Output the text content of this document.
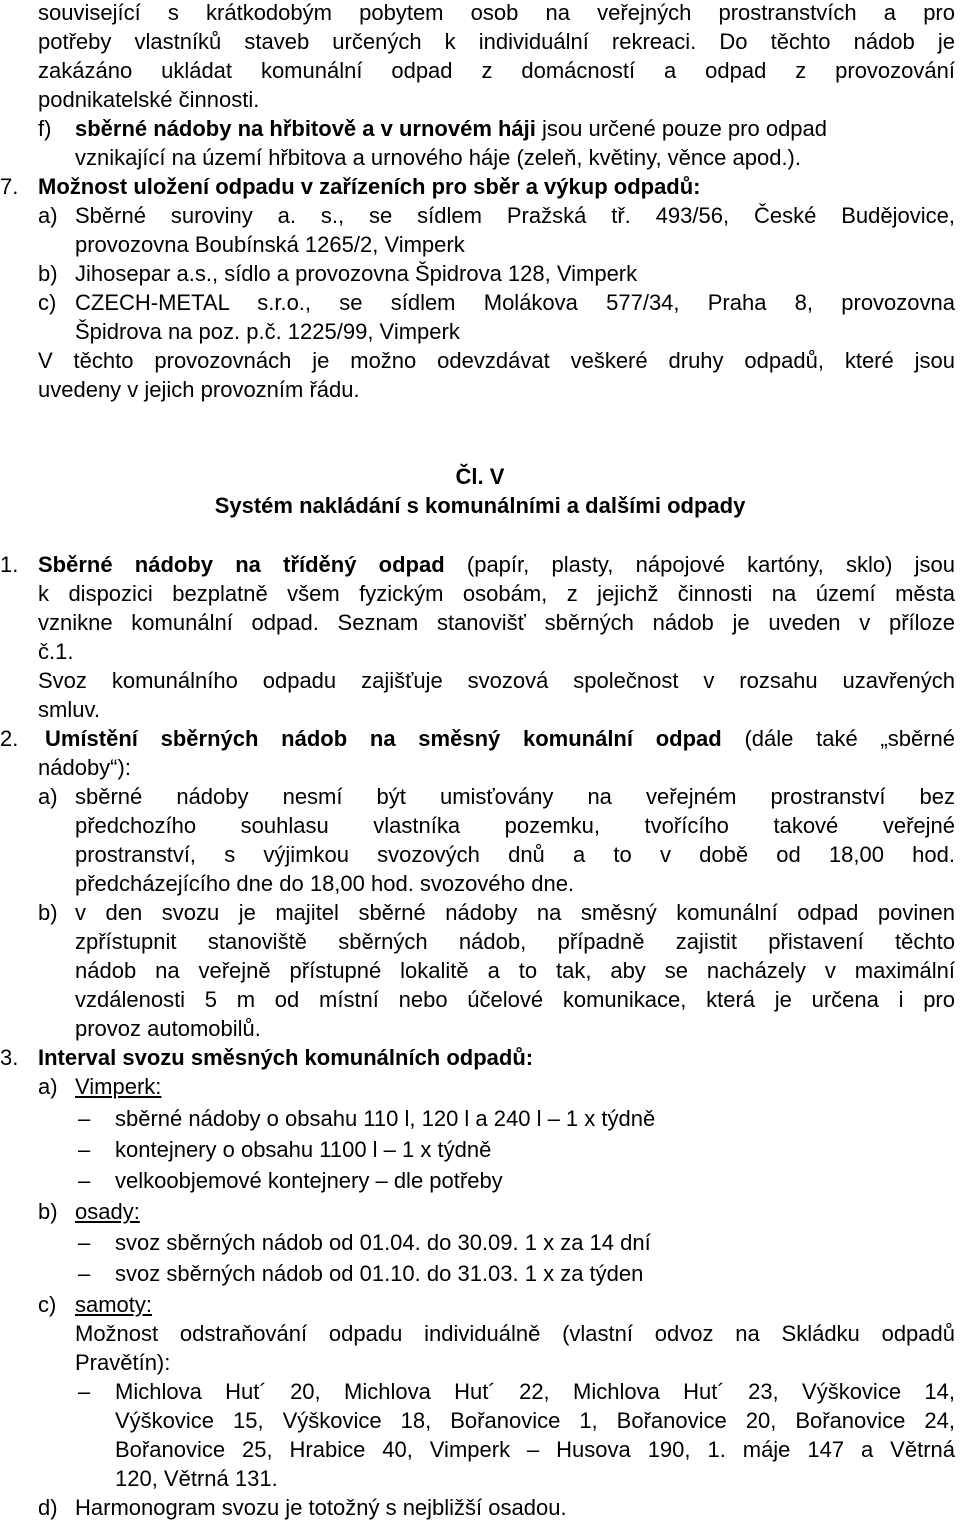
související s krátkodobým pobytem osob na veřejných prostranstvích a pro
potřeby vlastníků staveb určených k individuální rekreaci. Do těchto nádob je
zakázáno ukládat komunální odpad z domácností a odpad z provozování
podnikatelské činnosti.
f) sběrné nádoby na hřbitově a v urnovém háji jsou určené pouze pro odpad
vznikající na území hřbitova a urnového háje (zeleň, květiny, věnce apod.).
7. Možnost uložení odpadu v zařízeních pro sběr a výkup odpadů:
a) Sběrné suroviny a. s., se sídlem Pražská tř. 493/56, České Budějovice,
provozovna Boubínská 1265/2, Vimperk
b) Jihosepar a.s., sídlo a provozovna Špidrova 128, Vimperk
c) CZECH-METAL s.r.o., se sídlem Molákova 577/34, Praha 8, provozovna
Špidrova na poz. p.č. 1225/99, Vimperk
V těchto provozovnách je možno odevzdávat veškeré druhy odpadů, které jsou
uvedeny v jejich provozním řádu.
Čl. V
Systém nakládání s komunálními a dalšími odpady
1. Sběrné nádoby na tříděný odpad (papír, plasty, nápojové kartóny, sklo) jsou
k dispozici bezplatně všem fyzickým osobám, z jejichž činnosti na území města
vznikne komunální odpad. Seznam stanovišť sběrných nádob je uveden v příloze
č.1.
Svoz komunálního odpadu zajišťuje svozová společnost v rozsahu uzavřených
smluv.
2. Umístění sběrných nádob na směsný komunální odpad (dále také „sběrné
nádoby“):
a) sběrné nádoby nesmí být umisťovány na veřejném prostranství bez
předchozího souhlasu vlastníka pozemku, tvořícího takové veřejné
prostranství, s výjimkou svozových dnů a to v době od 18,00 hod.
předcházejícího dne do 18,00 hod. svozového dne.
b) v den svozu je majitel sběrné nádoby na směsný komunální odpad povinen
zpřístupnit stanoviště sběrných nádob, případně zajistit přistavení těchto
nádob na veřejně přístupné lokalitě a to tak, aby se nacházely v maximální
vzdálenosti 5 m od místní nebo účelové komunikace, která je určena i pro
provoz automobilů.
3. Interval svozu směsných komunálních odpadů:
a) Vimperk:
– sběrné nádoby o obsahu 110 l, 120 l a 240 l – 1 x týdně
– kontejnery o obsahu 1100 l – 1 x týdně
– velkoobjemové kontejnery – dle potřeby
b) osady:
– svoz sběrných nádob od 01.04. do 30.09. 1 x za 14 dní
– svoz sběrných nádob od 01.10. do 31.03. 1 x za týden
c) samoty:
Možnost odstraňování odpadu individuálně (vlastní odvoz na Skládku odpadů
Pravětín):
– Michlova Hut´ 20, Michlova Hut´ 22, Michlova Hut´ 23, Výškovice 14,
Výškovice 15, Výškovice 18, Bořanovice 1, Bořanovice 20, Bořanovice 24,
Bořanovice 25, Hrabice 40, Vimperk – Husova 190, 1. máje 147 a Větrná
120, Větrná 131.
d) Harmonogram svozu je totožný s nejbližší osadou.
